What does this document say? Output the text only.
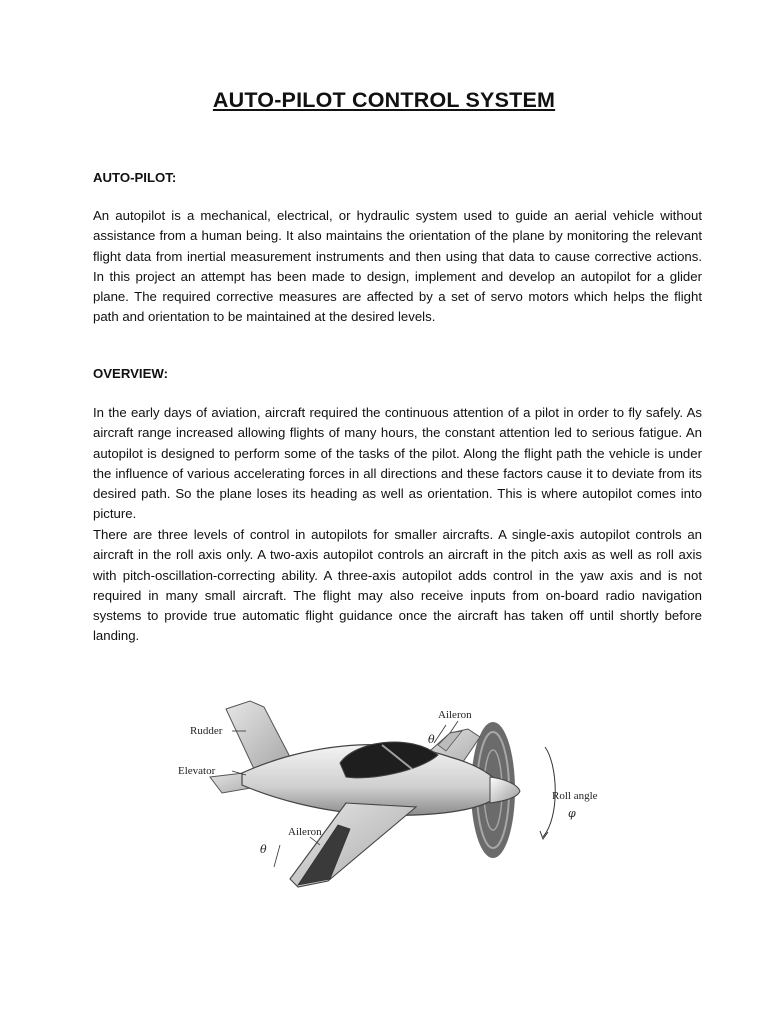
AUTO-PILOT CONTROL SYSTEM
AUTO-PILOT:

An autopilot is a mechanical, electrical, or hydraulic system used to guide an aerial vehicle without assistance from a human being. It also maintains the orientation of the plane by monitoring the relevant flight data from inertial measurement instruments and then using that data to cause corrective actions. In this project an attempt has been made to design, implement and develop an autopilot for a glider plane. The required corrective measures are affected by a set of servo motors which helps the flight path and orientation to be maintained at the desired levels.

OVERVIEW:

In the early days of aviation, aircraft required the continuous attention of a pilot in order to fly safely. As aircraft range increased allowing flights of many hours, the constant attention led to serious fatigue. An autopilot is designed to perform some of the tasks of the pilot. Along the flight path the vehicle is under the influence of various accelerating forces in all directions and these factors cause it to deviate from its desired path. So the plane loses its heading as well as orientation. This is where autopilot comes into picture.

There are three levels of control in autopilots for smaller aircrafts. A single-axis autopilot controls an aircraft in the roll axis only. A two-axis autopilot controls an aircraft in the pitch axis as well as roll axis with pitch-oscillation-correcting ability. A three-axis autopilot adds control in the yaw axis and is not required in many small aircraft. The flight may also receive inputs from on-board radio navigation systems to provide true automatic flight guidance once the aircraft has taken off until shortly before landing.

Rudder
Elevator
Aileron
Aileron
Roll angle
θ
θ
φ
